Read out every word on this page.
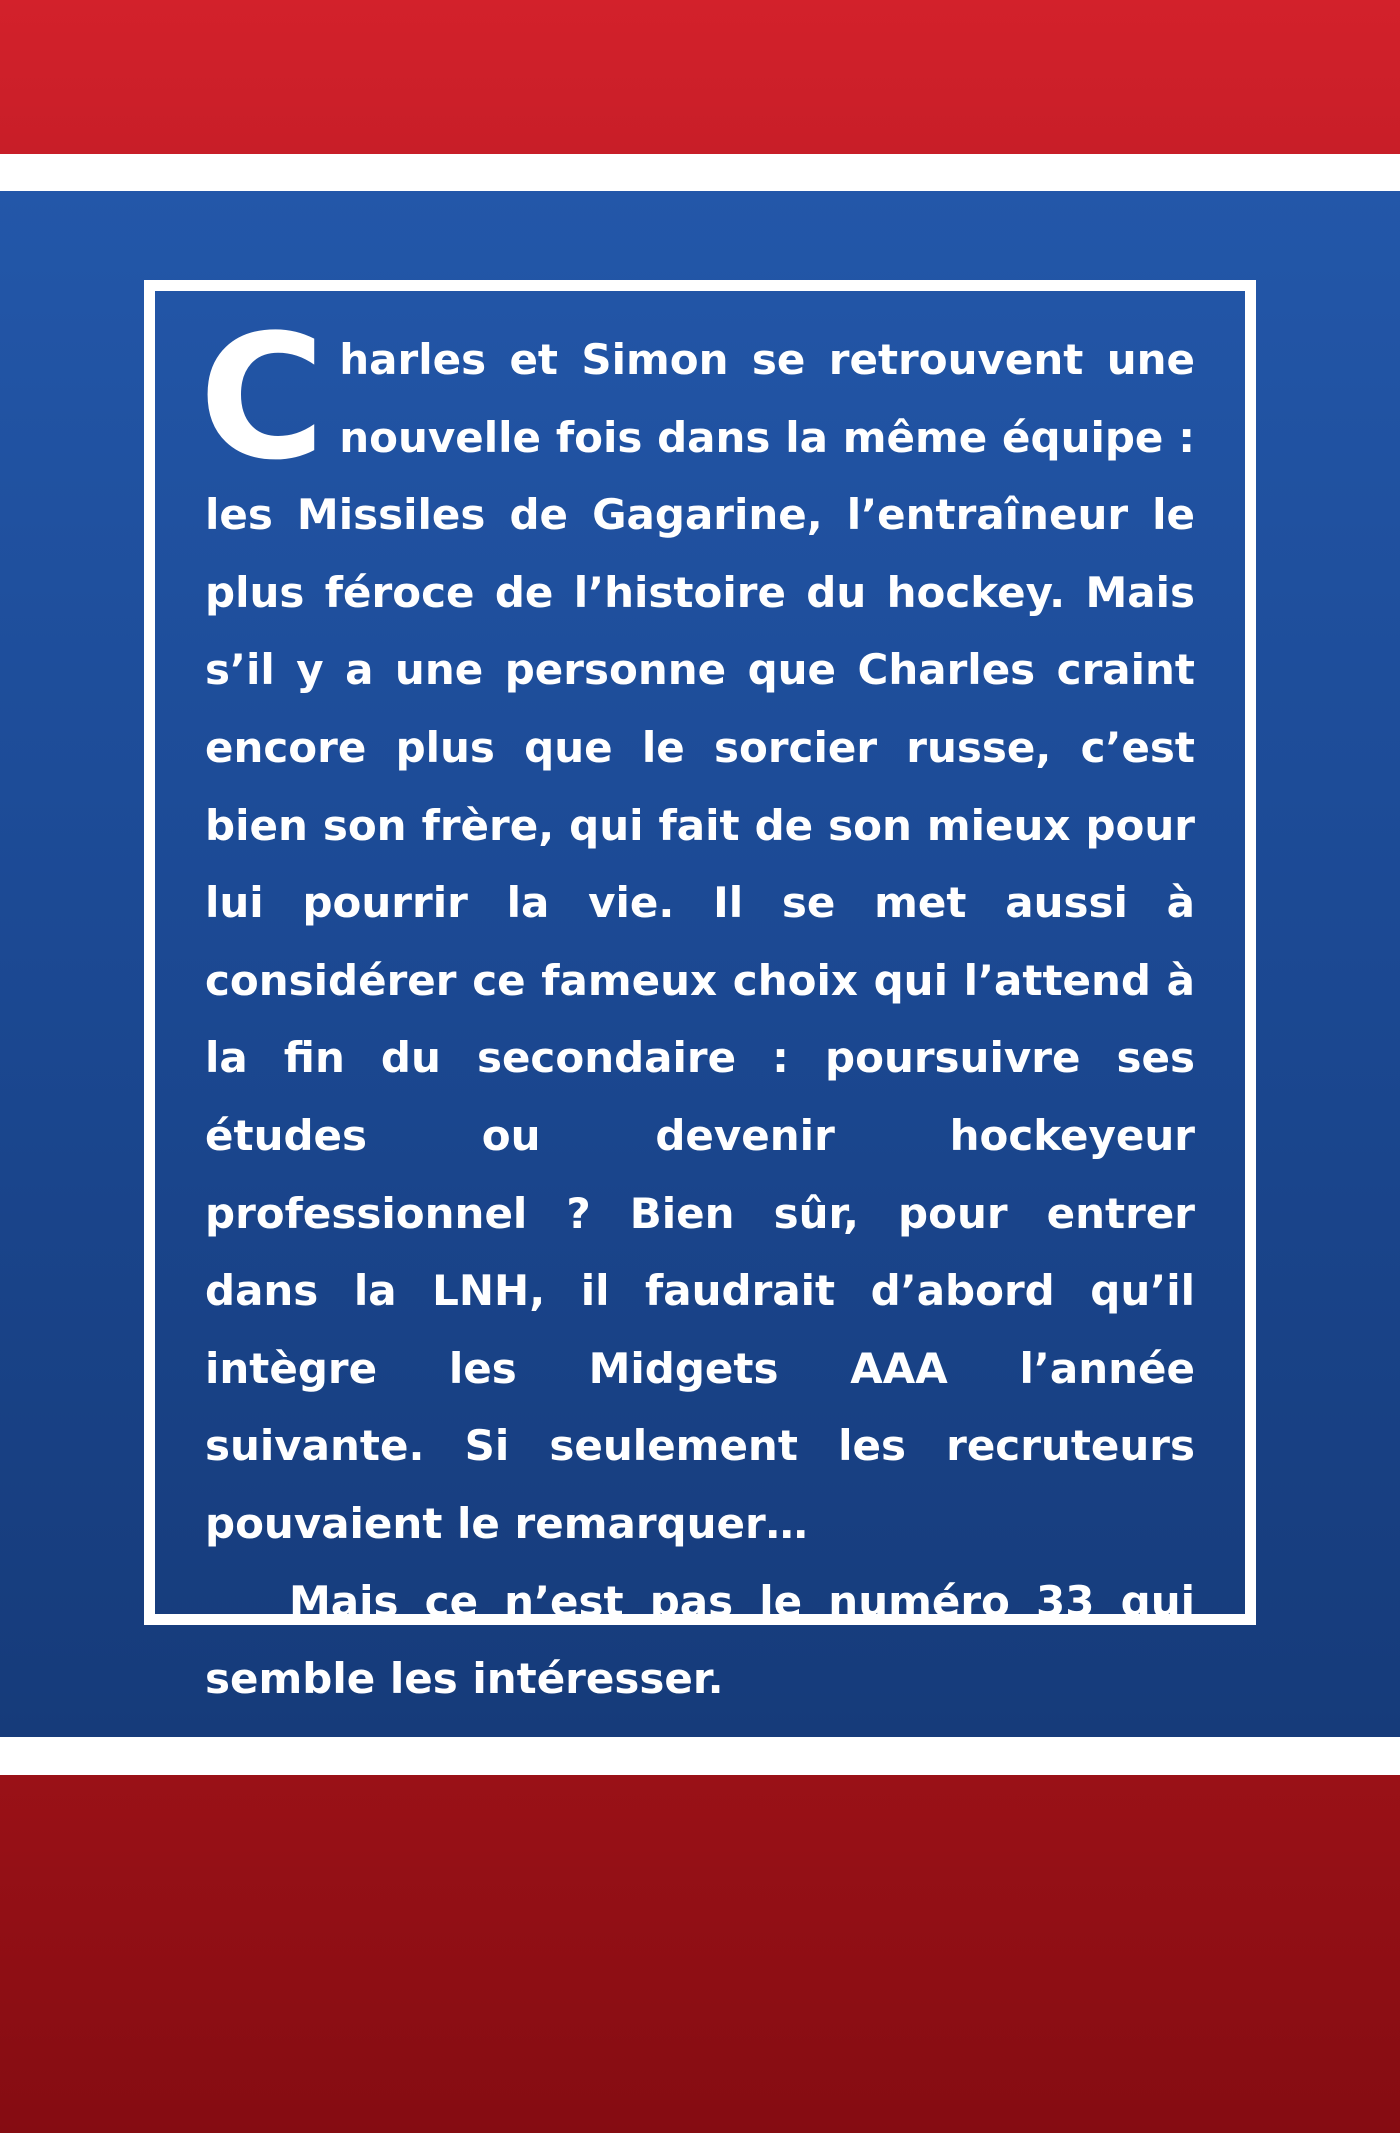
Charles et Simon se retrouvent une nouvelle fois dans la même équipe : les Missiles de Gagarine, l’entraîneur le plus féroce de l’histoire du hockey. Mais s’il y a une personne que Charles craint encore plus que le sorcier russe, c’est bien son frère, qui fait de son mieux pour lui pourrir la vie. Il se met aussi à considérer ce fameux choix qui l’attend à la fin du secondaire : poursuivre ses études ou devenir hockeyeur professionnel ? Bien sûr, pour entrer dans la LNH, il faudrait d’abord qu’il intègre les Midgets AAA l’année suivante. Si seulement les recruteurs pouvaient le remarquer…

Mais ce n’est pas le numéro 33 qui semble les intéresser.
